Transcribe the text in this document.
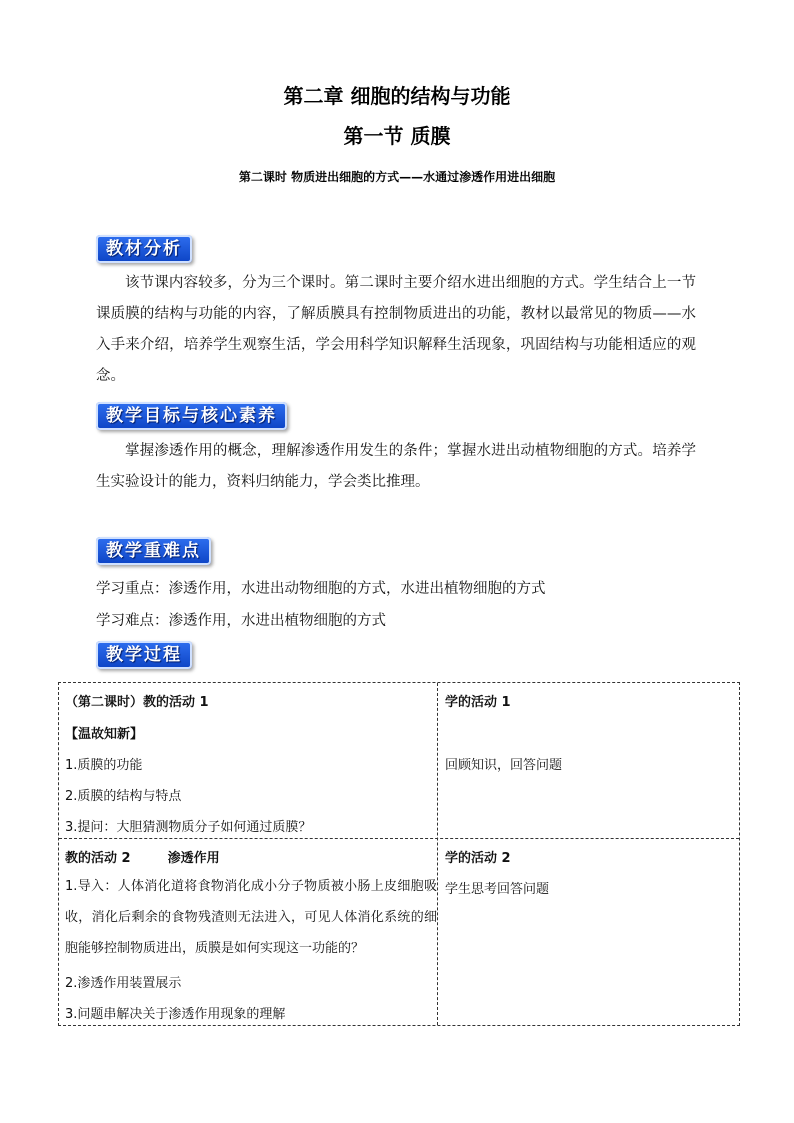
第二章 细胞的结构与功能
第一节 质膜
第二课时 物质进出细胞的方式——水通过渗透作用进出细胞
教材分析
该节课内容较多，分为三个课时。第二课时主要介绍水进出细胞的方式。学生结合上一节课质膜的结构与功能的内容，了解质膜具有控制物质进出的功能，教材以最常见的物质——水入手来介绍，培养学生观察生活，学会用科学知识解释生活现象，巩固结构与功能相适应的观念。
教学目标与核心素养
掌握渗透作用的概念，理解渗透作用发生的条件；掌握水进出动植物细胞的方式。培养学生实验设计的能力，资料归纳能力，学会类比推理。
教学重难点
学习重点：渗透作用，水进出动物细胞的方式，水进出植物细胞的方式
学习难点：渗透作用，水进出植物细胞的方式
教学过程
（第二课时）教的活动 1
【温故知新】
1.质膜的功能
2.质膜的结构与特点
3.提问：大胆猜测物质分子如何通过质膜？
学的活动 1
回顾知识，回答问题
教的活动 2	渗透作用
1.导入：人体消化道将食物消化成小分子物质被小肠上皮细胞吸收，消化后剩余的食物残渣则无法进入，可见人体消化系统的细胞能够控制物质进出，质膜是如何实现这一功能的？
2.渗透作用装置展示
3.问题串解决关于渗透作用现象的理解
学的活动 2
学生思考回答问题
